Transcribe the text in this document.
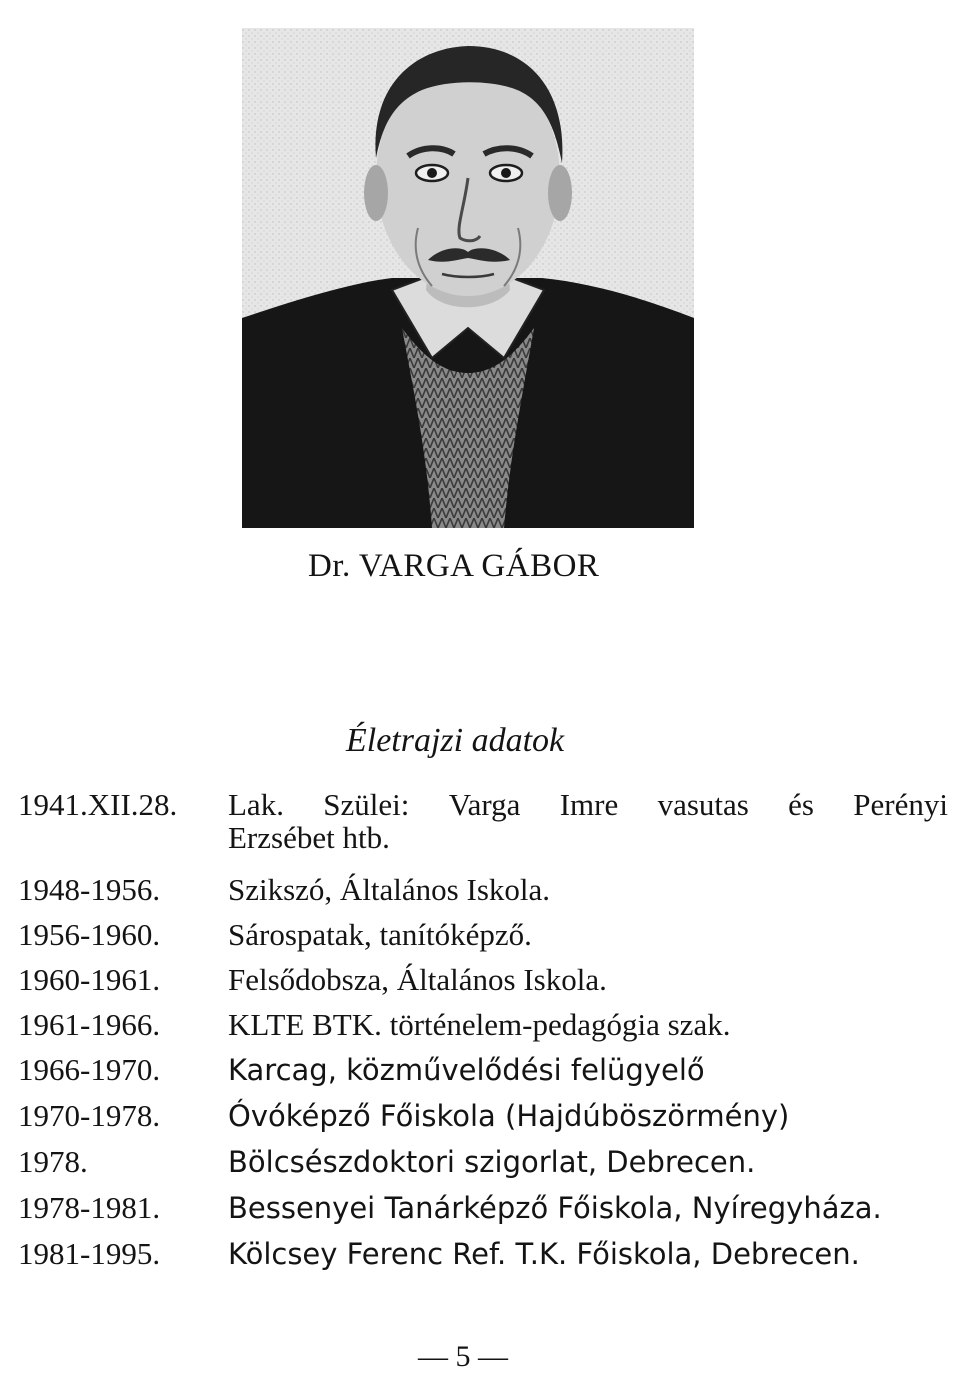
Dr. VARGA GÁBOR
Életrajzi adatok
1941.XII.28.	Lak. Szülei: Varga Imre vasutas és Perényi
Erzsébet htb.
1948-1956.	Szikszó, Általános Iskola.
1956-1960.	Sárospatak, tanítóképző.
1960-1961.	Felsődobsza, Általános Iskola.
1961-1966.	KLTE BTK. történelem-pedagógia szak.
1966-1970.	Karcag, közművelődési felügyelő
1970-1978.	Óvóképző Főiskola (Hajdúböszörmény)
1978.	Bölcsészdoktori szigorlat, Debrecen.
1978-1981.	Bessenyei Tanárképző Főiskola, Nyíregyháza.
1981-1995.	Kölcsey Ferenc Ref. T.K. Főiskola, Debrecen.
— 5 —
